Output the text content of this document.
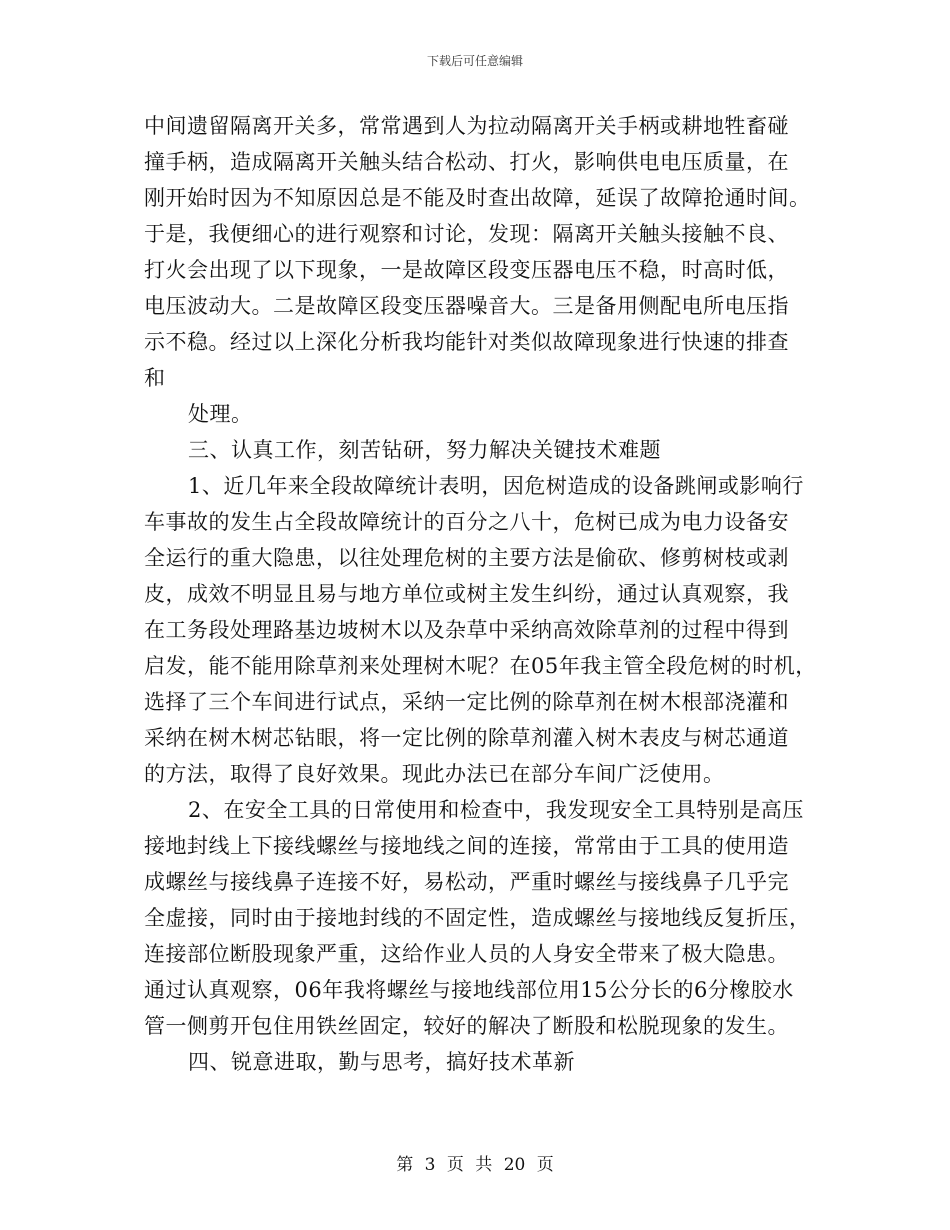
下载后可任意编辑
中间遗留隔离开关多，常常遇到人为拉动隔离开关手柄或耕地牲畜碰
撞手柄，造成隔离开关触头结合松动、打火，影响供电电压质量，在
刚开始时因为不知原因总是不能及时查出故障，延误了故障抢通时间。
于是，我便细心的进行观察和讨论，发现：隔离开关触头接触不良、
打火会出现了以下现象，一是故障区段变压器电压不稳，时高时低，
电压波动大。二是故障区段变压器噪音大。三是备用侧配电所电压指
示不稳。经过以上深化分析我均能针对类似故障现象进行快速的排查
和
处理。
三、认真工作，刻苦钻研，努力解决关键技术难题
1、近几年来全段故障统计表明，因危树造成的设备跳闸或影响行
车事故的发生占全段故障统计的百分之八十，危树已成为电力设备安
全运行的重大隐患，以往处理危树的主要方法是偷砍、修剪树枝或剥
皮，成效不明显且易与地方单位或树主发生纠纷，通过认真观察，我
在工务段处理路基边坡树木以及杂草中采纳高效除草剂的过程中得到
启发，能不能用除草剂来处理树木呢？在05年我主管全段危树的时机，
选择了三个车间进行试点，采纳一定比例的除草剂在树木根部浇灌和
采纳在树木树芯钻眼，将一定比例的除草剂灌入树木表皮与树芯通道
的方法，取得了良好效果。现此办法已在部分车间广泛使用。
2、在安全工具的日常使用和检查中，我发现安全工具特别是高压
接地封线上下接线螺丝与接地线之间的连接，常常由于工具的使用造
成螺丝与接线鼻子连接不好，易松动，严重时螺丝与接线鼻子几乎完
全虚接，同时由于接地封线的不固定性，造成螺丝与接地线反复折压，
连接部位断股现象严重，这给作业人员的人身安全带来了极大隐患。
通过认真观察，06年我将螺丝与接地线部位用15公分长的6分橡胶水
管一侧剪开包住用铁丝固定，较好的解决了断股和松脱现象的发生。
四、锐意进取，勤与思考，搞好技术革新
第 3 页 共 20 页
